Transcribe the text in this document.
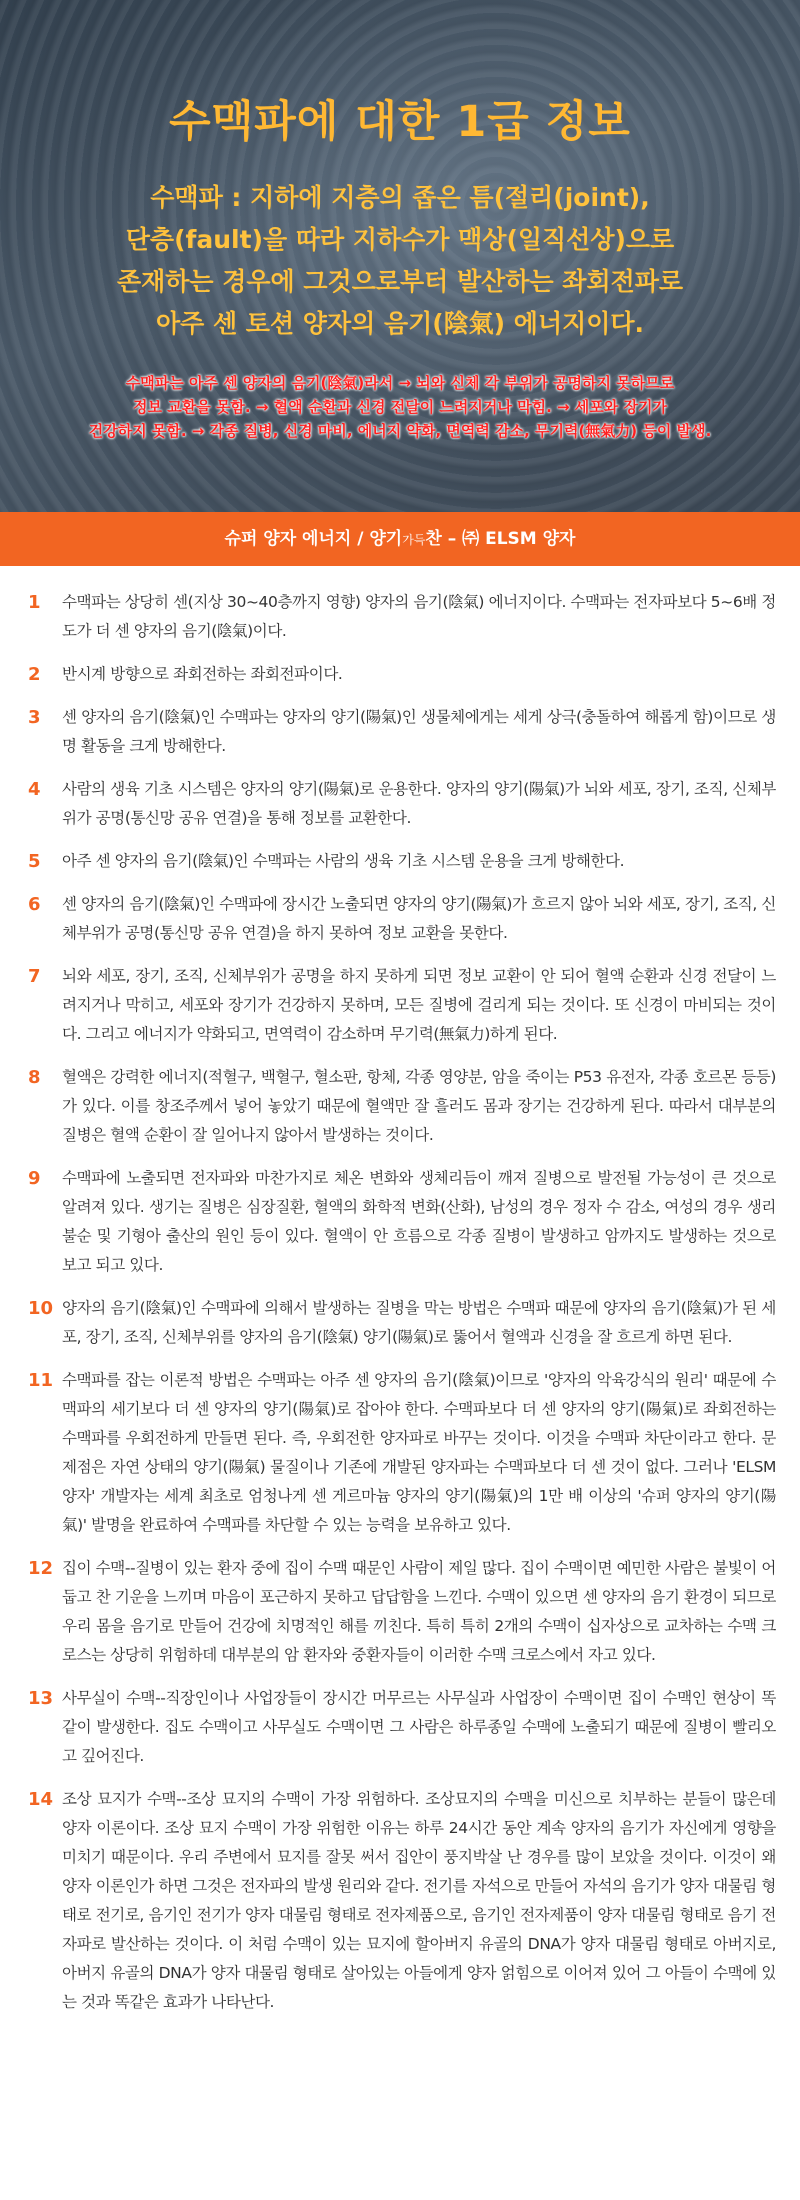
수맥파에 대한 1급 정보
수맥파 : 지하에 지층의 좁은 틈(절리(joint),
단층(fault)을 따라 지하수가 맥상(일직선상)으로
존재하는 경우에 그것으로부터 발산하는 좌회전파로
아주 센 토션 양자의 음기(陰氣) 에너지이다.
수맥파는 아주 센 양자의 음기(陰氣)라서 → 뇌와 신체 각 부위가 공명하지 못하므로
정보 교환을 못함. → 혈액 순환과 신경 전달이 느려지거나 막힘. → 세포와 장기가
건강하지 못함. → 각종 질병, 신경 마비, 에너지 약화, 면역력 감소, 무기력(無氣力) 등이 발생.
슈퍼 양자 에너지 / 양기가득찬 – ㈜ ELSM 양자
1	수맥파는 상당히 센(지상 30~40층까지 영향) 양자의 음기(陰氣) 에너지이다. 수맥파는 전자파보다 5~6배 정도가 더 센 양자의 음기(陰氣)이다.
2	반시계 방향으로 좌회전하는 좌회전파이다.
3	센 양자의 음기(陰氣)인 수맥파는 양자의 양기(陽氣)인 생물체에게는 세게 상극(충돌하여 해롭게 함)이므로 생명 활동을 크게 방해한다.
4	사람의 생육 기초 시스템은 양자의 양기(陽氣)로 운용한다. 양자의 양기(陽氣)가 뇌와 세포, 장기, 조직, 신체부위가 공명(통신망 공유 연결)을 통해 정보를 교환한다.
5	아주 센 양자의 음기(陰氣)인 수맥파는 사람의 생육 기초 시스템 운용을 크게 방해한다.
6	센 양자의 음기(陰氣)인 수맥파에 장시간 노출되면 양자의 양기(陽氣)가 흐르지 않아 뇌와 세포, 장기, 조직, 신체부위가 공명(통신망 공유 연결)을 하지 못하여 정보 교환을 못한다.
7	뇌와 세포, 장기, 조직, 신체부위가 공명을 하지 못하게 되면 정보 교환이 안 되어 혈액 순환과 신경 전달이 느려지거나 막히고, 세포와 장기가 건강하지 못하며, 모든 질병에 걸리게 되는 것이다. 또 신경이 마비되는 것이다. 그리고 에너지가 약화되고, 면역력이 감소하며 무기력(無氣力)하게 된다.
8	혈액은 강력한 에너지(적혈구, 백혈구, 혈소판, 항체, 각종 영양분, 암을 죽이는 P53 유전자, 각종 호르몬 등등)가 있다. 이를 창조주께서 넣어 놓았기 때문에 혈액만 잘 흘러도 몸과 장기는 건강하게 된다. 따라서 대부분의 질병은 혈액 순환이 잘 일어나지 않아서 발생하는 것이다.
9	수맥파에 노출되면 전자파와 마찬가지로 체온 변화와 생체리듬이 깨져 질병으로 발전될 가능성이 큰 것으로 알려져 있다. 생기는 질병은 심장질환, 혈액의 화학적 변화(산화), 남성의 경우 정자 수 감소, 여성의 경우 생리 불순 및 기형아 출산의 원인 등이 있다. 혈액이 안 흐름으로 각종 질병이 발생하고 암까지도 발생하는 것으로 보고 되고 있다.
10 양자의 음기(陰氣)인 수맥파에 의해서 발생하는 질병을 막는 방법은 수맥파 때문에 양자의 음기(陰氣)가 된 세포, 장기, 조직, 신체부위를 양자의 음기(陰氣) 양기(陽氣)로 뚫어서 혈액과 신경을 잘 흐르게 하면 된다.
11 수맥파를 잡는 이론적 방법은 수맥파는 아주 센 양자의 음기(陰氣)이므로 '양자의 악육강식의 원리' 때문에 수맥파의 세기보다 더 센 양자의 양기(陽氣)로 잡아야 한다. 수맥파보다 더 센 양자의 양기(陽氣)로 좌회전하는 수맥파를 우회전하게 만들면 된다. 즉, 우회전한 양자파로 바꾸는 것이다. 이것을 수맥파 차단이라고 한다. 문제점은 자연 상태의 양기(陽氣) 물질이나 기존에 개발된 양자파는 수맥파보다 더 센 것이 없다. 그러나 'ELSM 양자' 개발자는 세계 최초로 엄청나게 센 게르마늄 양자의 양기(陽氣)의 1만 배 이상의 '슈퍼 양자의 양기(陽氣)' 발명을 완료하여 수맥파를 차단할 수 있는 능력을 보유하고 있다.
12 집이 수맥--질병이 있는 환자 중에 집이 수맥 때문인 사람이 제일 많다. 집이 수맥이면 예민한 사람은 불빛이 어둡고 찬 기운을 느끼며 마음이 포근하지 못하고 답답함을 느낀다. 수맥이 있으면 센 양자의 음기 환경이 되므로 우리 몸을 음기로 만들어 건강에 치명적인 해를 끼친다. 특히 특히 2개의 수맥이 십자상으로 교차하는 수맥 크로스는 상당히 위험하데 대부분의 암 환자와 중환자들이 이러한 수맥 크로스에서 자고 있다.
13 사무실이 수맥--직장인이나 사업장들이 장시간 머무르는 사무실과 사업장이 수맥이면 집이 수맥인 현상이 똑같이 발생한다. 집도 수맥이고 사무실도 수맥이면 그 사람은 하루종일 수맥에 노출되기 때문에 질병이 빨리오고 깊어진다.
14 조상 묘지가 수맥--조상 묘지의 수맥이 가장 위험하다. 조상묘지의 수맥을 미신으로 치부하는 분들이 많은데 양자 이론이다. 조상 묘지 수맥이 가장 위험한 이유는 하루 24시간 동안 계속 양자의 음기가 자신에게 영향을 미치기 때문이다. 우리 주변에서 묘지를 잘못 써서 집안이 풍지박살 난 경우를 많이 보았을 것이다. 이것이 왜 양자 이론인가 하면 그것은 전자파의 발생 원리와 같다. 전기를 자석으로 만들어 자석의 음기가 양자 대물림 형태로 전기로, 음기인 전기가 양자 대물림 형태로 전자제품으로, 음기인 전자제품이 양자 대물림 형태로 음기 전자파로 발산하는 것이다. 이 처럼 수맥이 있는 묘지에 할아버지 유골의 DNA가 양자 대물림 형태로 아버지로, 아버지 유골의 DNA가 양자 대물림 형태로 살아있는 아들에게 양자 얽힘으로 이어져 있어 그 아들이 수맥에 있는 것과 똑같은 효과가 나타난다.
